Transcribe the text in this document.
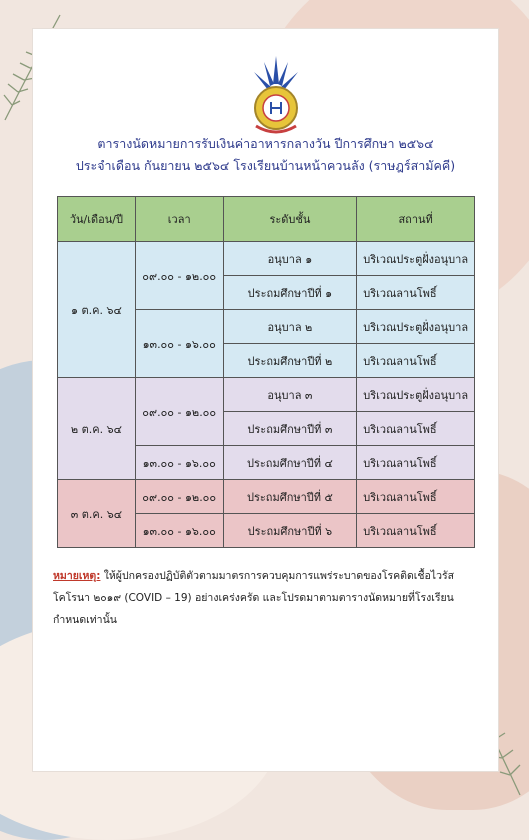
ตารางนัดหมายการรับเงินค่าอาหารกลางวัน ปีการศึกษา ๒๕๖๔
ประจำเดือน กันยายน ๒๕๖๔ โรงเรียนบ้านหน้าควนลัง (ราษฎร์สามัคคี)
วัน/เดือน/ปี	เวลา	ระดับชั้น	สถานที่
๑ ต.ค. ๖๔	๐๙.๐๐ - ๑๒.๐๐	อนุบาล ๑	บริเวณประตูฝั่งอนุบาล
		ประถมศึกษาปีที่ ๑	บริเวณลานโพธิ์
	๑๓.๐๐ - ๑๖.๐๐	อนุบาล ๒	บริเวณประตูฝั่งอนุบาล
		ประถมศึกษาปีที่ ๒	บริเวณลานโพธิ์
๒ ต.ค. ๖๔	๐๙.๐๐ - ๑๒.๐๐	อนุบาล ๓	บริเวณประตูฝั่งอนุบาล
		ประถมศึกษาปีที่ ๓	บริเวณลานโพธิ์
	๑๓.๐๐ - ๑๖.๐๐	ประถมศึกษาปีที่ ๔	บริเวณลานโพธิ์
๓ ต.ค. ๖๔	๐๙.๐๐ - ๑๒.๐๐	ประถมศึกษาปีที่ ๕	บริเวณลานโพธิ์
	๑๓.๐๐ - ๑๖.๐๐	ประถมศึกษาปีที่ ๖	บริเวณลานโพธิ์
หมายเหตุ: ให้ผู้ปกครองปฏิบัติตัวตามมาตรการควบคุมการแพร่ระบาดของโรคติดเชื้อไวรัสโคโรนา ๒๐๑๙ (COVID – 19) อย่างเคร่งครัด และโปรดมาตามตารางนัดหมายที่โรงเรียนกำหนดเท่านั้น
